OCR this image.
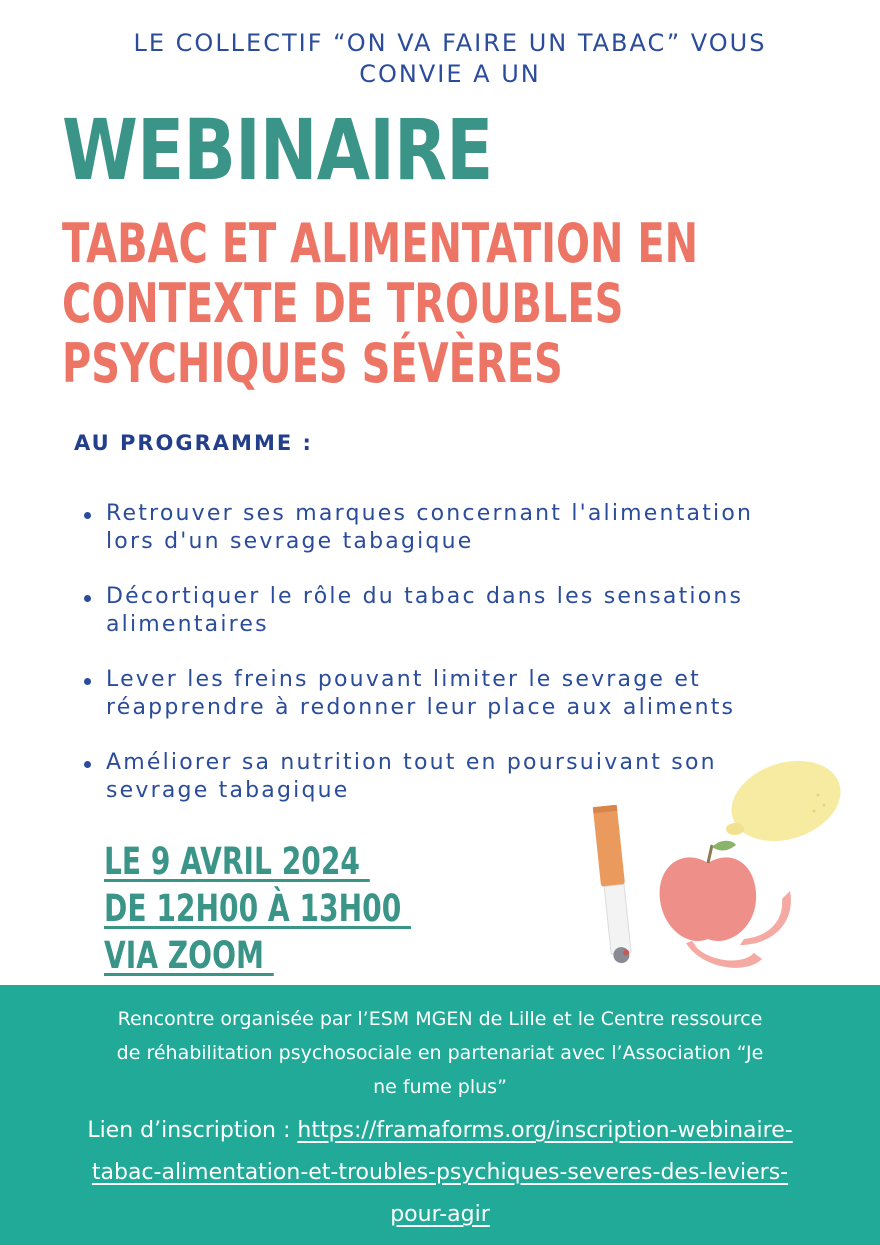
LE COLLECTIF “ON VA FAIRE UN TABAC” VOUS
CONVIE A UN
WEBINAIRE
TABAC ET ALIMENTATION EN
CONTEXTE DE TROUBLES
PSYCHIQUES SÉVÈRES
AU PROGRAMME :
Retrouver ses marques concernant l'alimentation
lors d'un sevrage tabagique
Décortiquer le rôle du tabac dans les sensations
alimentaires
Lever les freins pouvant limiter le sevrage et
réapprendre à redonner leur place aux aliments
Améliorer sa nutrition tout en poursuivant son
sevrage tabagique
LE 9 AVRIL 2024
DE 12H00 À 13H00
VIA ZOOM
Rencontre organisée par l’ESM MGEN de Lille et le Centre ressource
de réhabilitation psychosociale en partenariat avec l’Association “Je
ne fume plus”
Lien d’inscription : https://framaforms.org/inscription-webinaire-
tabac-alimentation-et-troubles-psychiques-severes-des-leviers-
pour-agir
